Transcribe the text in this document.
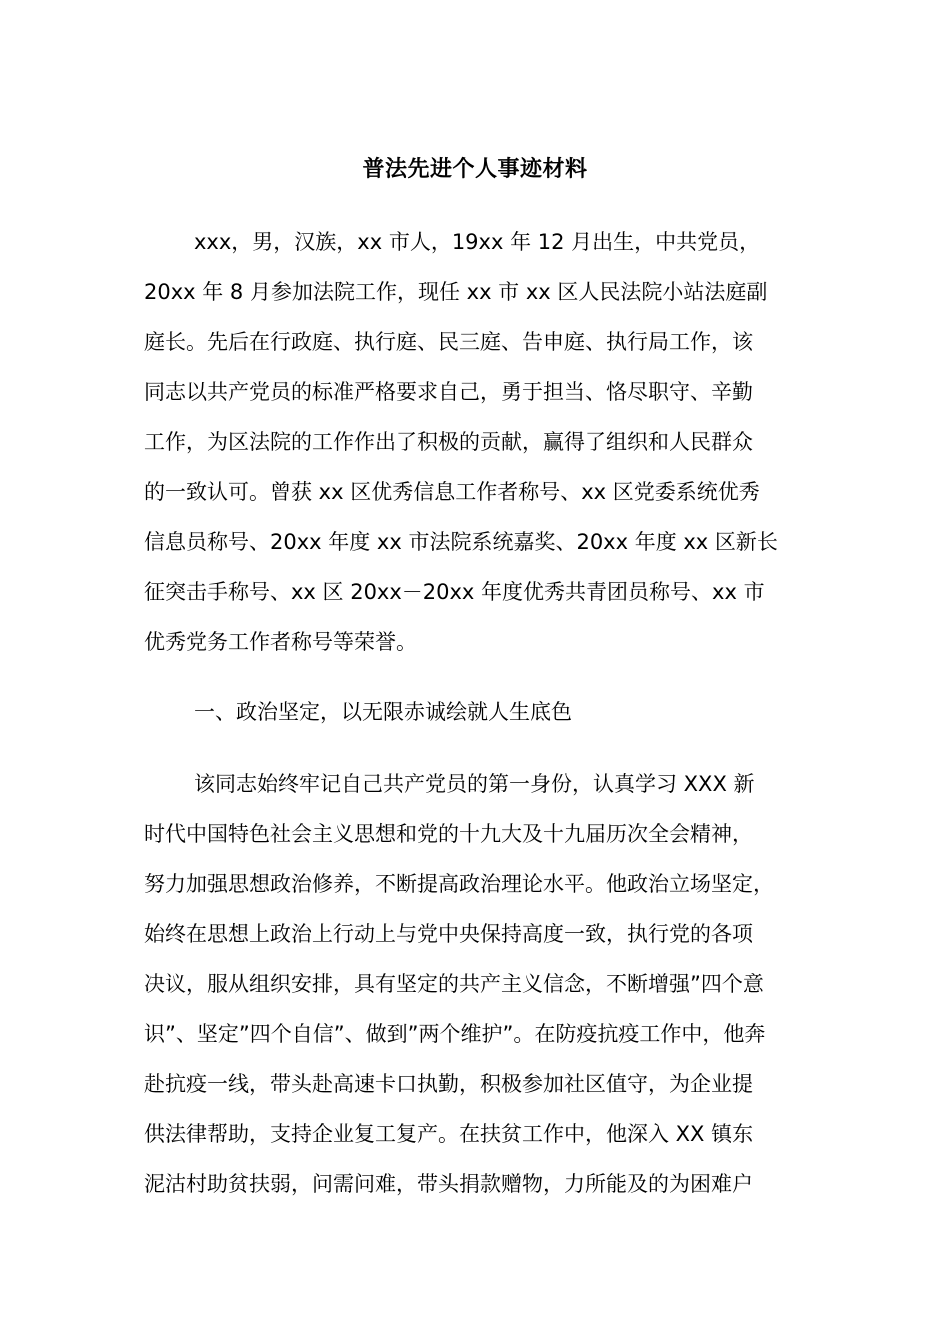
普法先进个人事迹材料
xxx，男，汉族，xx 市人，19xx 年 12 月出生，中共党员，
20xx 年 8 月参加法院工作，现任 xx 市 xx 区人民法院小站法庭副
庭长。先后在行政庭、执行庭、民三庭、告申庭、执行局工作，该
同志以共产党员的标准严格要求自己，勇于担当、恪尽职守、辛勤
工作，为区法院的工作作出了积极的贡献，赢得了组织和人民群众
的一致认可。曾获 xx 区优秀信息工作者称号、xx 区党委系统优秀
信息员称号、20xx 年度 xx 市法院系统嘉奖、20xx 年度 xx 区新长
征突击手称号、xx 区 20xx－20xx 年度优秀共青团员称号、xx 市
优秀党务工作者称号等荣誉。
一、政治坚定，以无限赤诚绘就人生底色
该同志始终牢记自己共产党员的第一身份，认真学习 XXX 新
时代中国特色社会主义思想和党的十九大及十九届历次全会精神，
努力加强思想政治修养，不断提高政治理论水平。他政治立场坚定，
始终在思想上政治上行动上与党中央保持高度一致，执行党的各项
决议，服从组织安排，具有坚定的共产主义信念，不断增强”四个意
识”、坚定”四个自信”、做到”两个维护”。在防疫抗疫工作中，他奔
赴抗疫一线，带头赴高速卡口执勤，积极参加社区值守，为企业提
供法律帮助，支持企业复工复产。在扶贫工作中，他深入 XX 镇东
泥沽村助贫扶弱，问需问难，带头捐款赠物，力所能及的为困难户
